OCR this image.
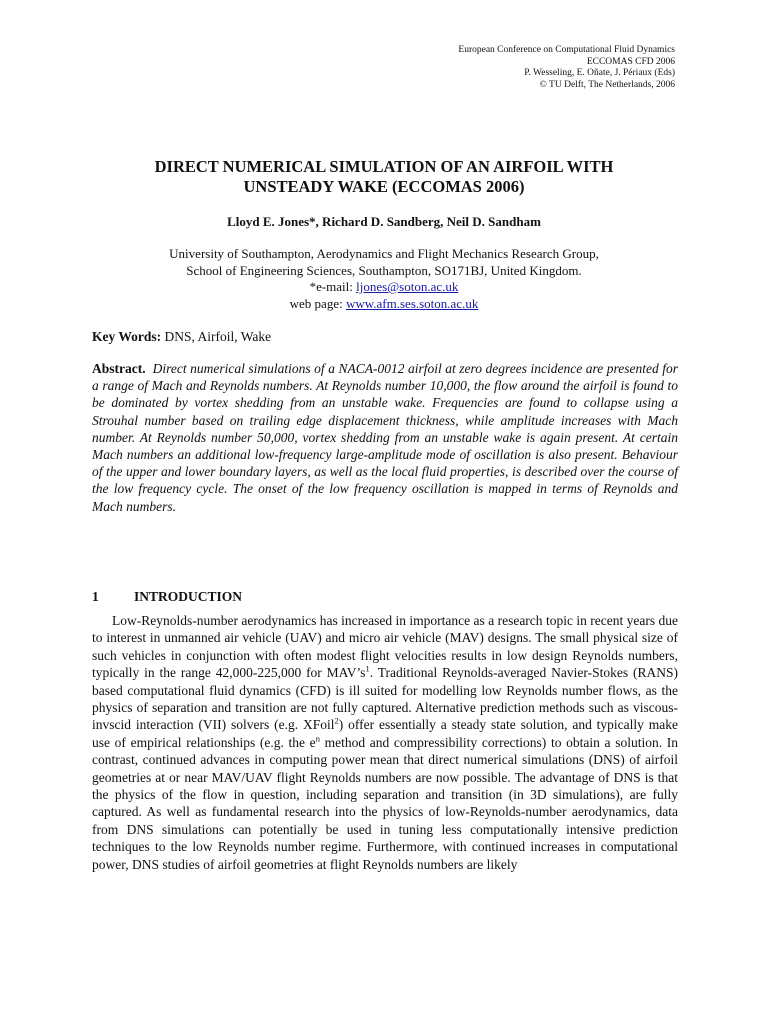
European Conference on Computational Fluid Dynamics
ECCOMAS CFD 2006
P. Wesseling, E. Oñate, J. Périaux (Eds)
© TU Delft, The Netherlands, 2006
DIRECT NUMERICAL SIMULATION OF AN AIRFOIL WITH
UNSTEADY WAKE (ECCOMAS 2006)
Lloyd E. Jones*, Richard D. Sandberg, Neil D. Sandham
University of Southampton, Aerodynamics and Flight Mechanics Research Group,
School of Engineering Sciences, Southampton, SO171BJ, United Kingdom.
*e-mail: ljones@soton.ac.uk
web page: www.afm.ses.soton.ac.uk
Key Words: DNS, Airfoil, Wake
Abstract. Direct numerical simulations of a NACA-0012 airfoil at zero degrees incidence are presented for a range of Mach and Reynolds numbers. At Reynolds number 10,000, the flow around the airfoil is found to be dominated by vortex shedding from an unstable wake. Frequencies are found to collapse using a Strouhal number based on trailing edge displacement thickness, while amplitude increases with Mach number. At Reynolds number 50,000, vortex shedding from an unstable wake is again present. At certain Mach numbers an additional low-frequency large-amplitude mode of oscillation is also present. Behaviour of the upper and lower boundary layers, as well as the local fluid properties, is described over the course of the low frequency cycle. The onset of the low frequency oscillation is mapped in terms of Reynolds and Mach numbers.
1	INTRODUCTION
Low-Reynolds-number aerodynamics has increased in importance as a research topic in recent years due to interest in unmanned air vehicle (UAV) and micro air vehicle (MAV) designs. The small physical size of such vehicles in conjunction with often modest flight velocities results in low design Reynolds numbers, typically in the range 42,000-225,000 for $MAV’s^1$. Traditional Reynolds-averaged Navier-Stokes (RANS) based computational fluid dynamics (CFD) is ill suited for modelling low Reynolds number flows, as the physics of separation and transition are not fully captured. Alternative prediction methods such as viscous-invscid interaction (VII) solvers (e.g. XFoil$^2$) offer essentially a steady state solution, and typically make use of empirical relationships (e.g. the $e^n$ method and compressibility corrections) to obtain a solution. In contrast, continued advances in computing power mean that direct numerical simulations (DNS) of airfoil geometries at or near MAV/UAV flight Reynolds numbers are now possible. The advantage of DNS is that the physics of the flow in question, including separation and transition (in 3D simulations), are fully captured. As well as fundamental research into the physics of low-Reynolds-number aerodynamics, data from DNS simulations can potentially be used in tuning less computationally intensive prediction techniques to the low Reynolds number regime. Furthermore, with continued increases in computational power, DNS studies of airfoil geometries at flight Reynolds numbers are likely
